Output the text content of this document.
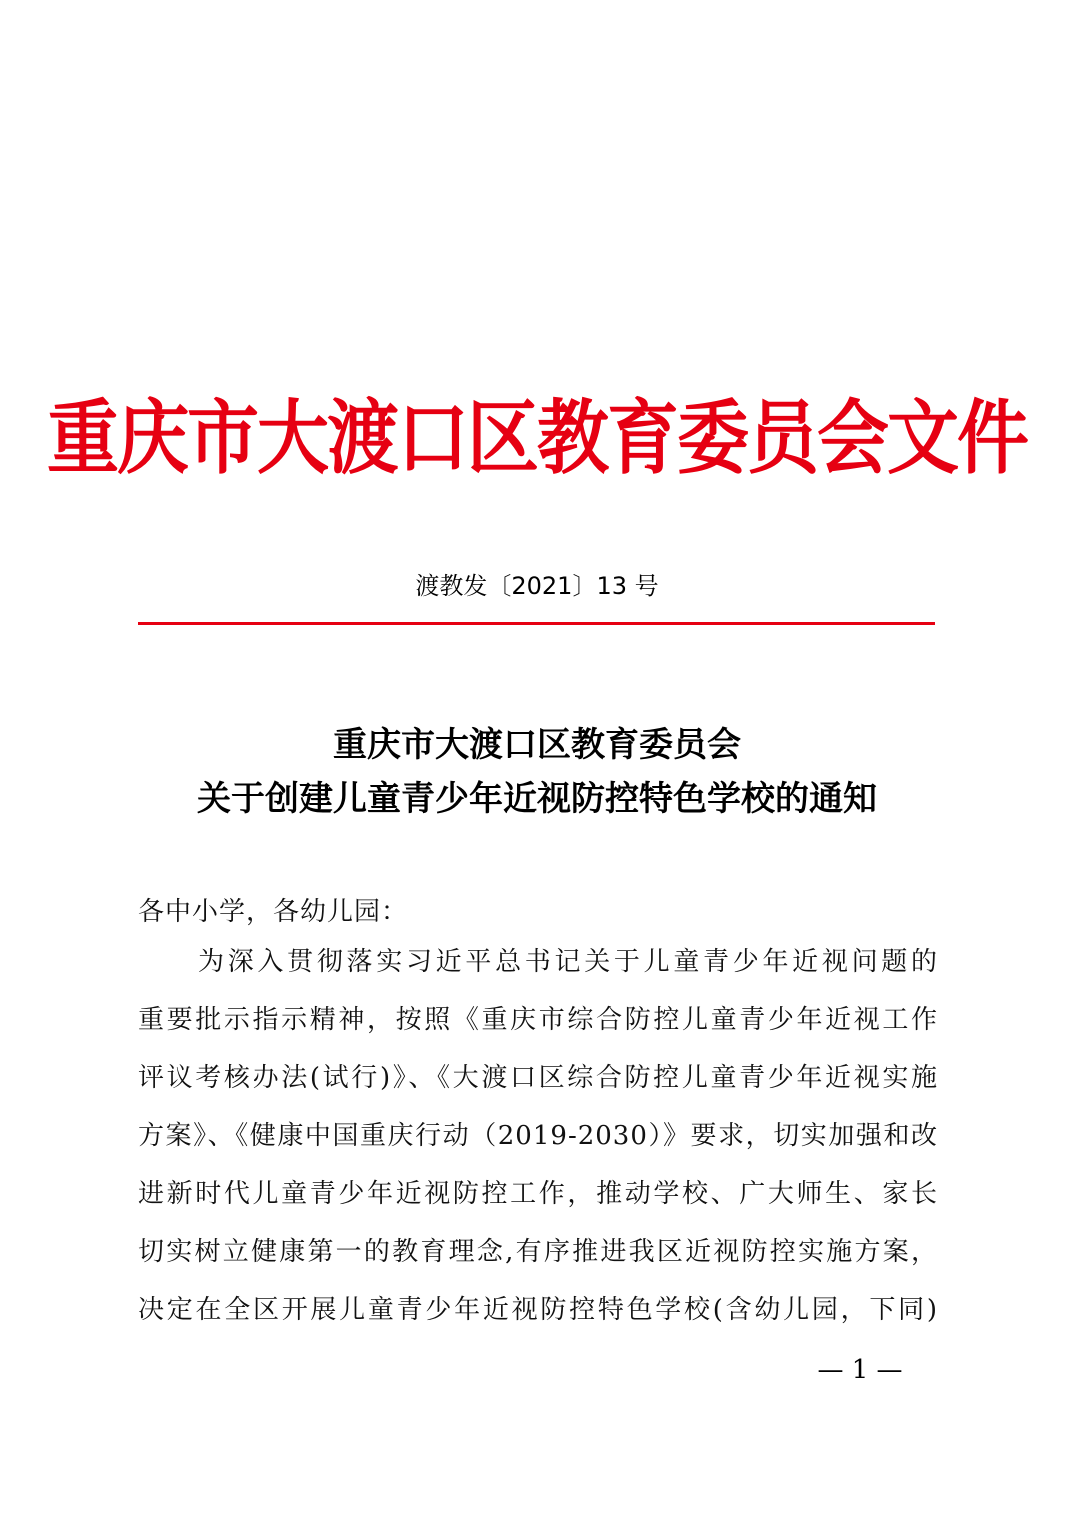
重庆市大渡口区教育委员会文件
渡教发〔2021〕13 号
重庆市大渡口区教育委员会
关于创建儿童青少年近视防控特色学校的通知
各中小学，各幼儿园：
为深入贯彻落实习近平总书记关于儿童青少年近视问题的
重要批示指示精神，按照《重庆市综合防控儿童青少年近视工作
评议考核办法(试行)》、《大渡口区综合防控儿童青少年近视实施
方案》、《健康中国重庆行动（2019-2030）》要求，切实加强和改
进新时代儿童青少年近视防控工作，推动学校、广大师生、家长
切实树立健康第一的教育理念,有序推进我区近视防控实施方案，
决定在全区开展儿童青少年近视防控特色学校(含幼儿园，下同)
— 1 —
